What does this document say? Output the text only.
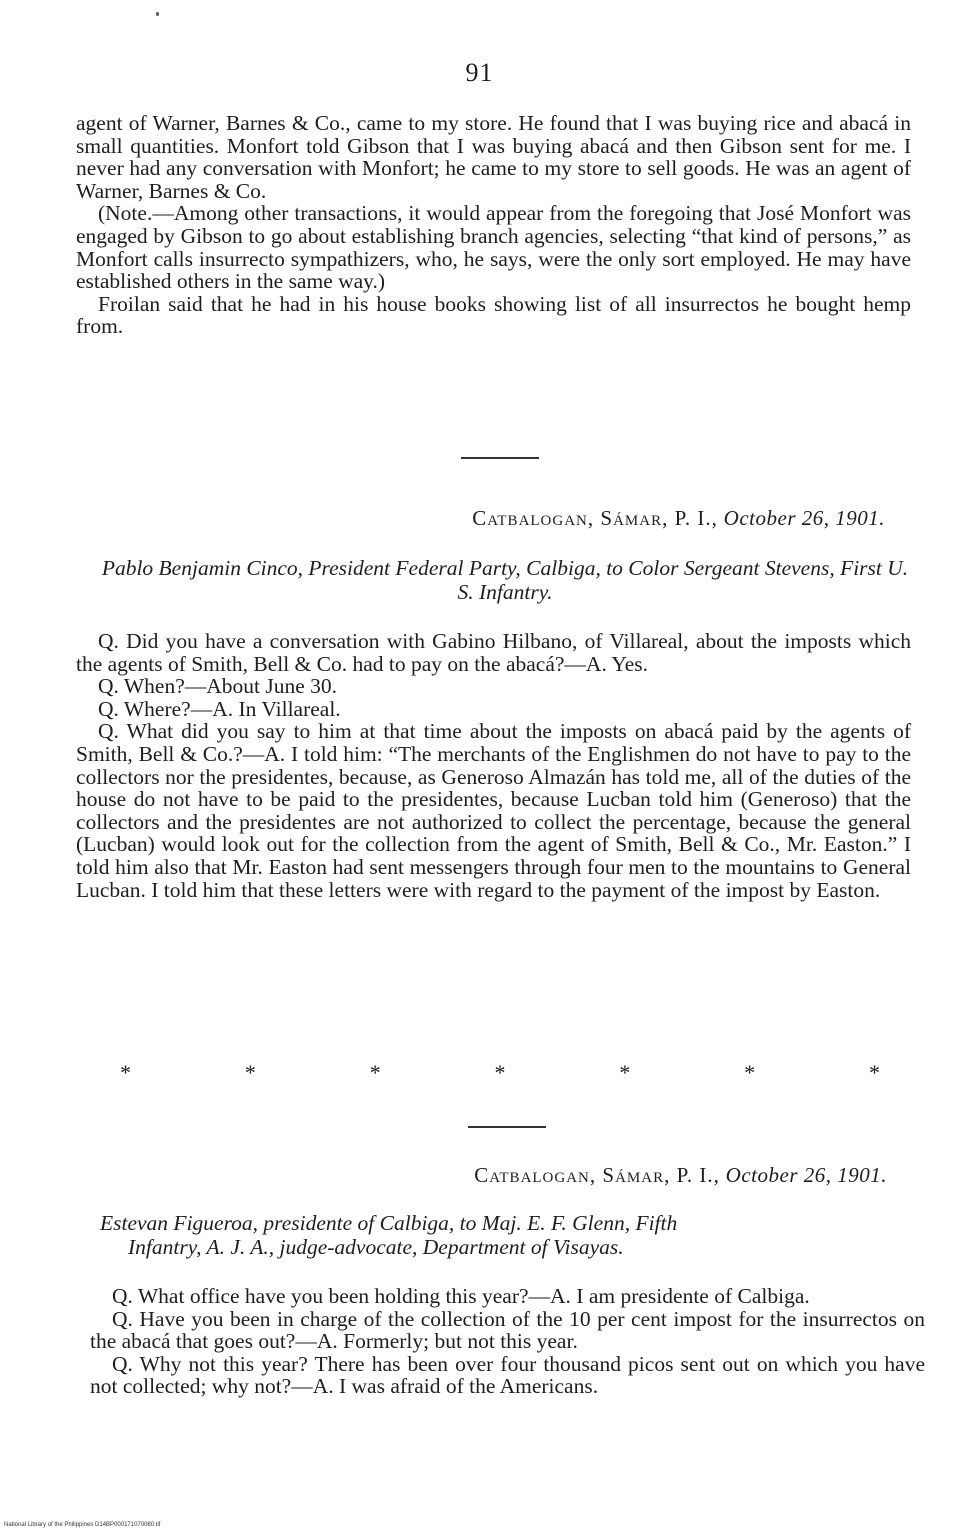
91

agent of Warner, Barnes & Co., came to my store. He found that I was buying rice and abacá in small quantities. Monfort told Gibson that I was buying abacá and then Gibson sent for me. I never had any conversation with Monfort; he came to my store to sell goods. He was an agent of Warner, Barnes & Co.

(Note.—Among other transactions, it would appear from the foregoing that José Monfort was engaged by Gibson to go about establishing branch agencies, selecting “that kind of persons,” as Monfort calls insurrecto sympathizers, who, he says, were the only sort employed. He may have established others in the same way.)

Froilan said that he had in his house books showing list of all insurrectos he bought hemp from.

Catbalogan, Sámar, P. I., October 26, 1901.
Pablo Benjamin Cinco, President Federal Party, Calbiga, to Color Sergeant Stevens, First U. S. Infantry.

Q. Did you have a conversation with Gabino Hilbano, of Villareal, about the imposts which the agents of Smith, Bell & Co. had to pay on the abacá?—A. Yes.

Q. When?—About June 30.

Q. Where?—A. In Villareal.

Q. What did you say to him at that time about the imposts on abacá paid by the agents of Smith, Bell & Co.?—A. I told him: “The merchants of the Englishmen do not have to pay to the collectors nor the presidentes, because, as Generoso Almazán has told me, all of the duties of the house do not have to be paid to the presidentes, because Lucban told him (Generoso) that the collectors and the presidentes are not authorized to collect the percentage, because the general (Lucban) would look out for the collection from the agent of Smith, Bell & Co., Mr. Easton.” I told him also that Mr. Easton had sent messengers through four men to the mountains to General Lucban. I told him that these letters were with regard to the payment of the impost by Easton.

*	*	*	*	*	*	*
Catbalogan, Sámar, P. I., October 26, 1901.
Estevan Figueroa, presidente of Calbiga, to Maj. E. F. Glenn, Fifth
Infantry, A. J. A., judge-advocate, Department of Visayas.

Q. What office have you been holding this year?—A. I am presidente of Calbiga.

Q. Have you been in charge of the collection of the 10 per cent impost for the insurrectos on the abacá that goes out?—A. Formerly; but not this year.

Q. Why not this year? There has been over four thousand picos sent out on which you have not collected; why not?—A. I was afraid of the Americans.

National Library of the Philippines D14BP000171070080.tif
